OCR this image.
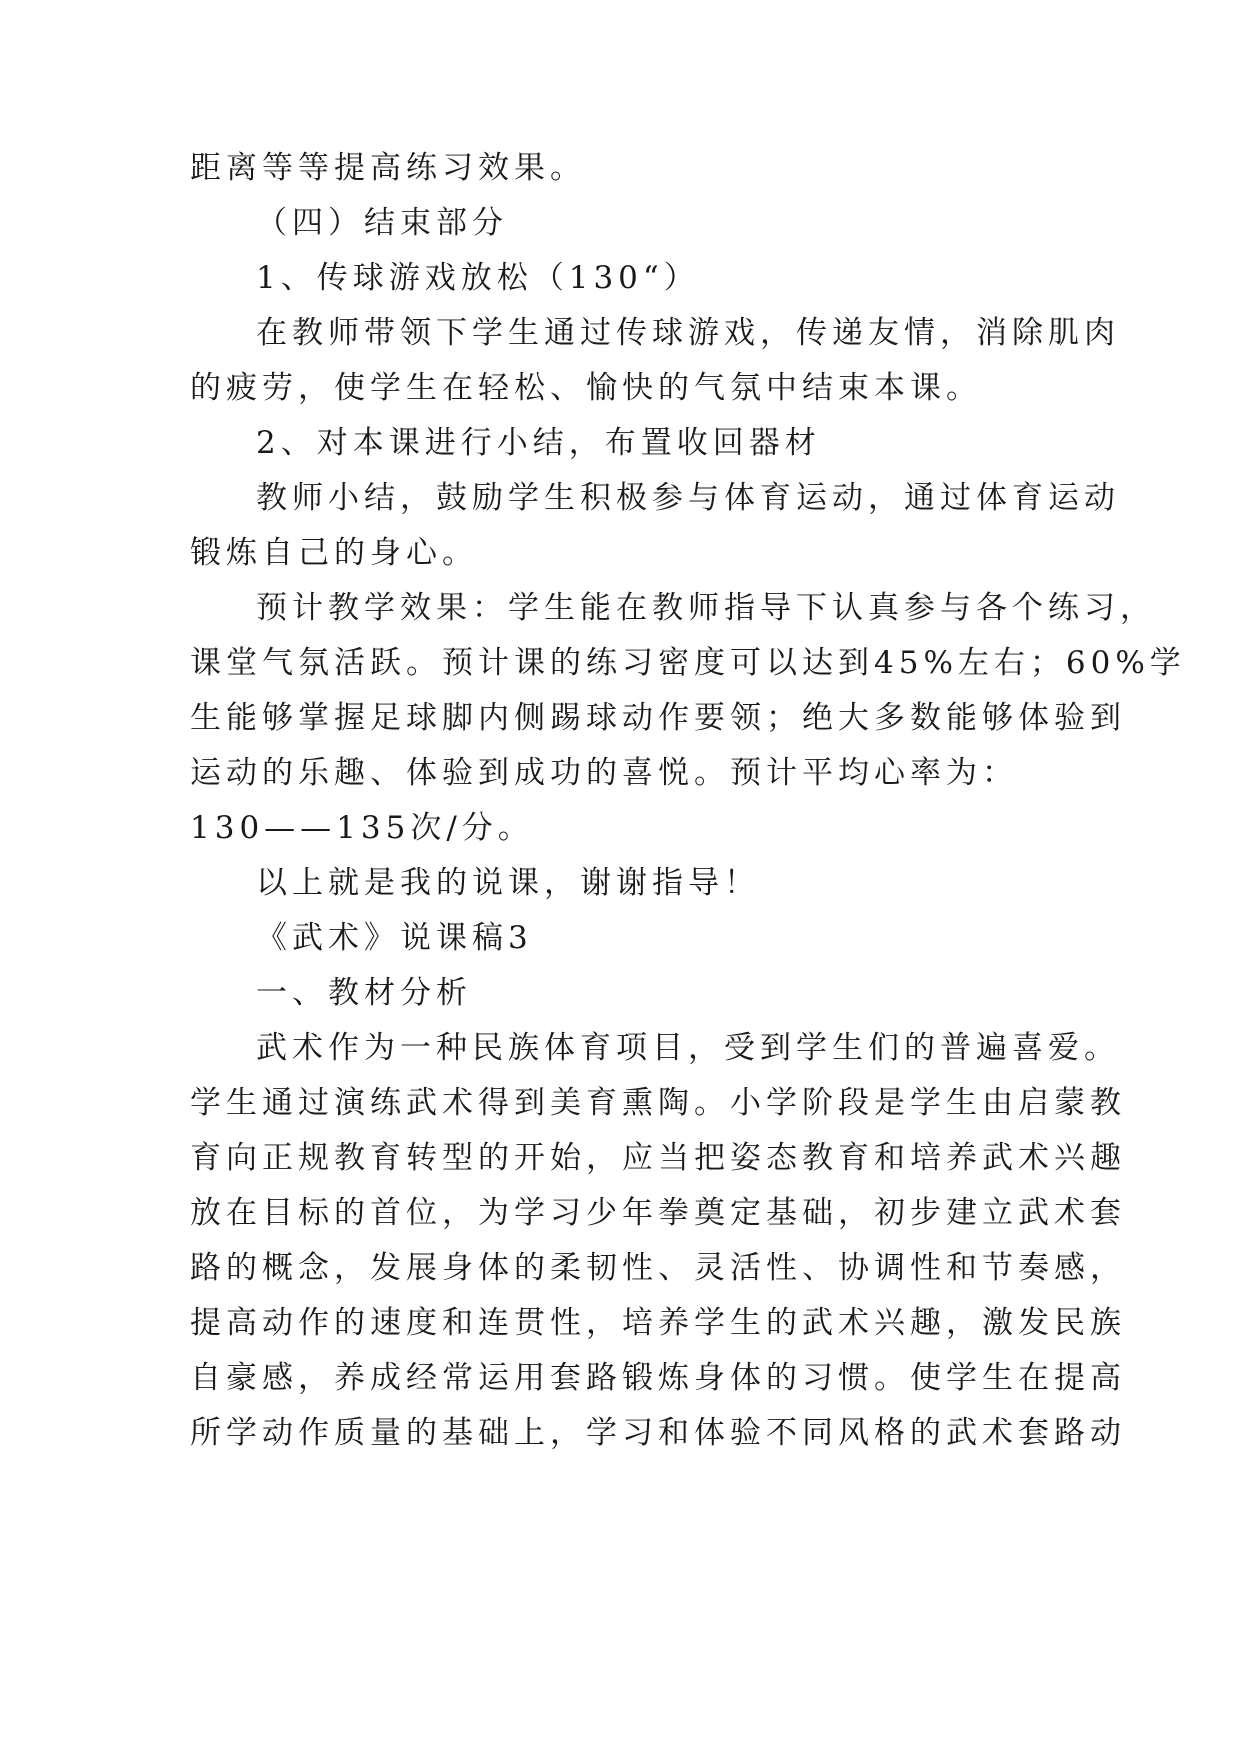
距离等等提高练习效果。
（四）结束部分
1、传球游戏放松（130“）
在教师带领下学生通过传球游戏，传递友情，消除肌肉
的疲劳，使学生在轻松、愉快的气氛中结束本课。
2、对本课进行小结，布置收回器材
教师小结，鼓励学生积极参与体育运动，通过体育运动
锻炼自己的身心。
预计教学效果：学生能在教师指导下认真参与各个练习，
课堂气氛活跃。预计课的练习密度可以达到45%左右；60%学
生能够掌握足球脚内侧踢球动作要领；绝大多数能够体验到
运动的乐趣、体验到成功的喜悦。预计平均心率为：
130——135次/分。
以上就是我的说课，谢谢指导！
《武术》说课稿3
一、教材分析
武术作为一种民族体育项目，受到学生们的普遍喜爱。
学生通过演练武术得到美育熏陶。小学阶段是学生由启蒙教
育向正规教育转型的开始，应当把姿态教育和培养武术兴趣
放在目标的首位，为学习少年拳奠定基础，初步建立武术套
路的概念，发展身体的柔韧性、灵活性、协调性和节奏感，
提高动作的速度和连贯性，培养学生的武术兴趣，激发民族
自豪感，养成经常运用套路锻炼身体的习惯。使学生在提高
所学动作质量的基础上，学习和体验不同风格的武术套路动
